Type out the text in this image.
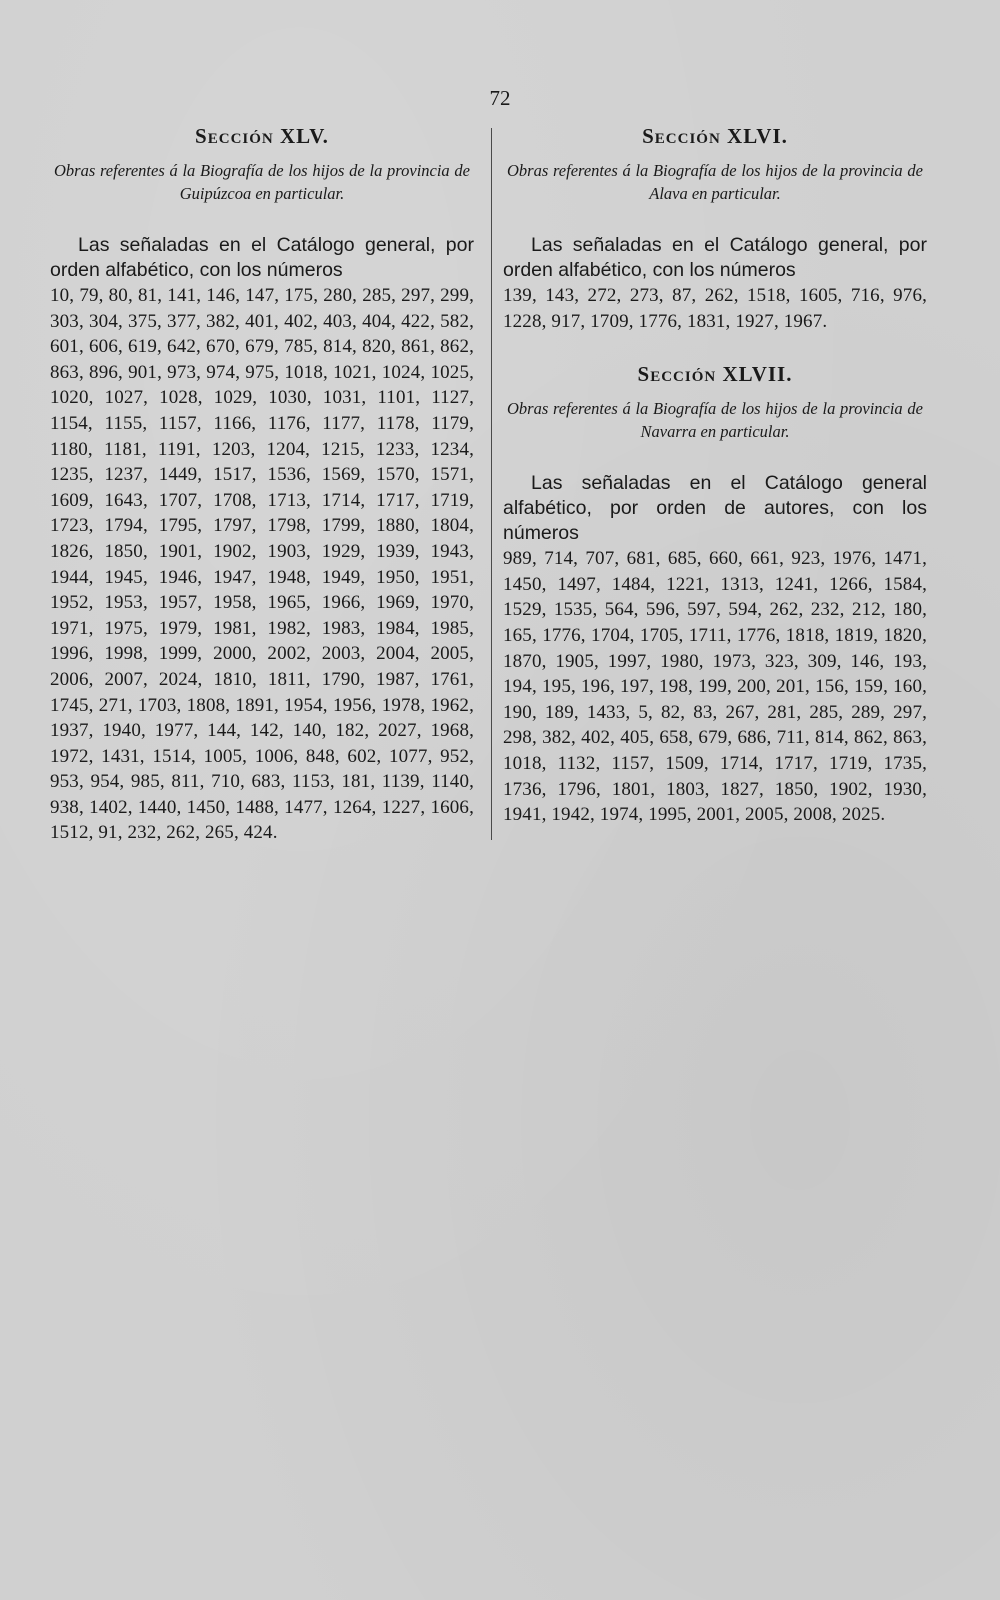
72
Sección XLV.

Obras referentes á la Biografía de los hijos de la provincia de Guipúzcoa en particular.

Las señaladas en el Catálogo general, por orden alfabético, con los números

10, 79, 80, 81, 141, 146, 147, 175, 280, 285, 297, 299, 303, 304, 375, 377, 382, 401, 402, 403, 404, 422, 582, 601, 606, 619, 642, 670, 679, 785, 814, 820, 861, 862, 863, 896, 901, 973, 974, 975, 1018, 1021, 1024, 1025, 1020, 1027, 1028, 1029, 1030, 1031, 1101, 1127, 1154, 1155, 1157, 1166, 1176, 1177, 1178, 1179, 1180, 1181, 1191, 1203, 1204, 1215, 1233, 1234, 1235, 1237, 1449, 1517, 1536, 1569, 1570, 1571, 1609, 1643, 1707, 1708, 1713, 1714, 1717, 1719, 1723, 1794, 1795, 1797, 1798, 1799, 1880, 1804, 1826, 1850, 1901, 1902, 1903, 1929, 1939, 1943, 1944, 1945, 1946, 1947, 1948, 1949, 1950, 1951, 1952, 1953, 1957, 1958, 1965, 1966, 1969, 1970, 1971, 1975, 1979, 1981, 1982, 1983, 1984, 1985, 1996, 1998, 1999, 2000, 2002, 2003, 2004, 2005, 2006, 2007, 2024, 1810, 1811, 1790, 1987, 1761, 1745, 271, 1703, 1808, 1891, 1954, 1956, 1978, 1962, 1937, 1940, 1977, 144, 142, 140, 182, 2027, 1968, 1972, 1431, 1514, 1005, 1006, 848, 602, 1077, 952, 953, 954, 985, 811, 710, 683, 1153, 181, 1139, 1140, 938, 1402, 1440, 1450, 1488, 1477, 1264, 1227, 1606, 1512, 91, 232, 262, 265, 424.

Sección XLVI.

Obras referentes á la Biografía de los hijos de la provincia de Alava en particular.

Las señaladas en el Catálogo general, por orden alfabético, con los números

139, 143, 272, 273, 87, 262, 1518, 1605, 716, 976, 1228, 917, 1709, 1776, 1831, 1927, 1967.

Sección XLVII.

Obras referentes á la Biografía de los hijos de la provincia de Navarra en particular.

Las señaladas en el Catálogo general alfabético, por orden de autores, con los números

989, 714, 707, 681, 685, 660, 661, 923, 1976, 1471, 1450, 1497, 1484, 1221, 1313, 1241, 1266, 1584, 1529, 1535, 564, 596, 597, 594, 262, 232, 212, 180, 165, 1776, 1704, 1705, 1711, 1776, 1818, 1819, 1820, 1870, 1905, 1997, 1980, 1973, 323, 309, 146, 193, 194, 195, 196, 197, 198, 199, 200, 201, 156, 159, 160, 190, 189, 1433, 5, 82, 83, 267, 281, 285, 289, 297, 298, 382, 402, 405, 658, 679, 686, 711, 814, 862, 863, 1018, 1132, 1157, 1509, 1714, 1717, 1719, 1735, 1736, 1796, 1801, 1803, 1827, 1850, 1902, 1930, 1941, 1942, 1974, 1995, 2001, 2005, 2008, 2025.
